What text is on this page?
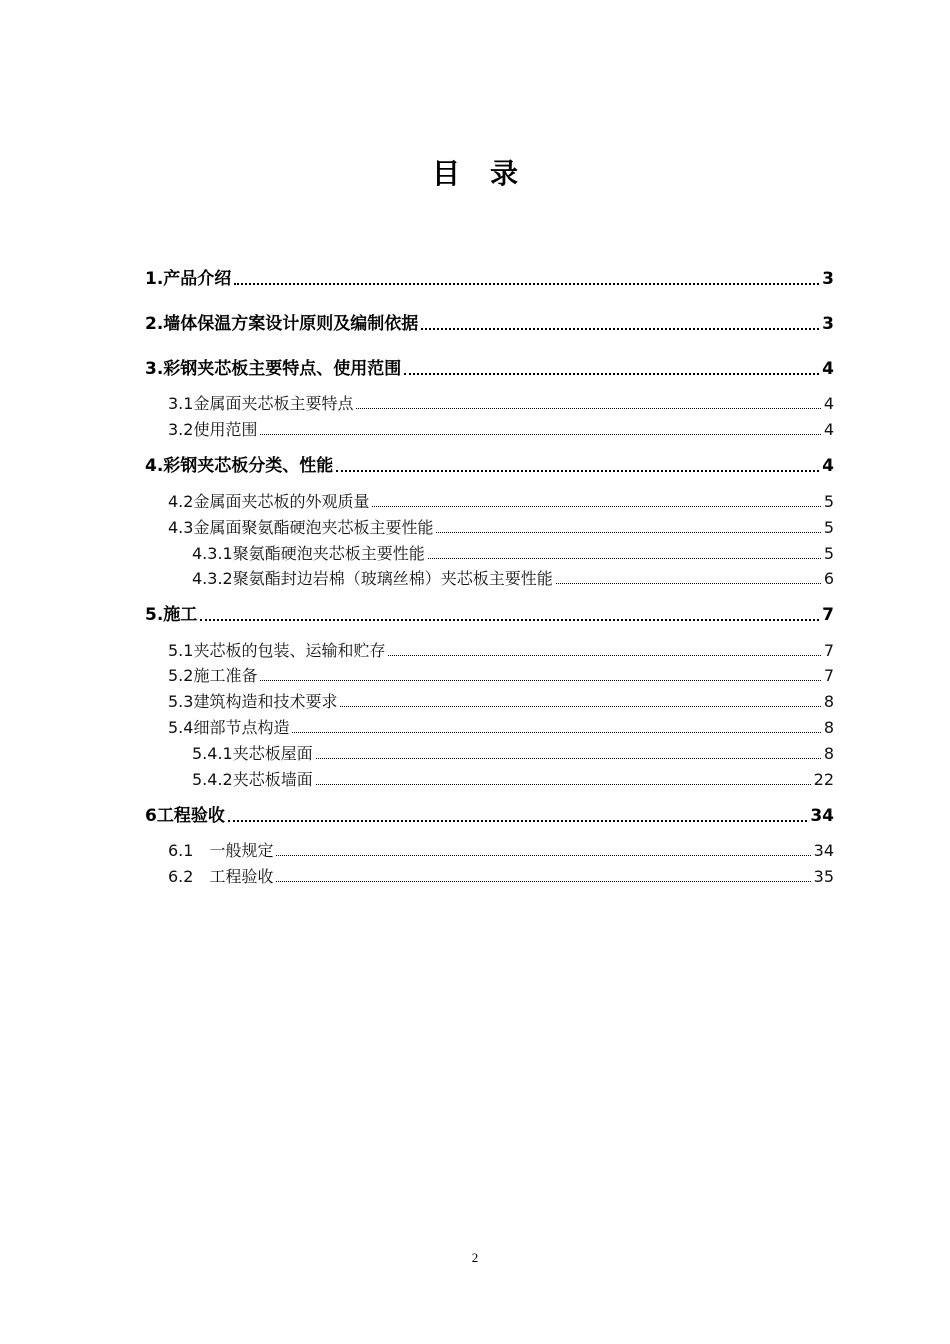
目 录
1.产品介绍	3
2.墙体保温方案设计原则及编制依据	3
3.彩钢夹芯板主要特点、使用范围	4
3.1金属面夹芯板主要特点	4
3.2使用范围	4
4.彩钢夹芯板分类、性能	4
4.2金属面夹芯板的外观质量	5
4.3金属面聚氨酯硬泡夹芯板主要性能	5
4.3.1聚氨酯硬泡夹芯板主要性能	5
4.3.2聚氨酯封边岩棉（玻璃丝棉）夹芯板主要性能	6
5.施工	7
5.1夹芯板的包装、运输和贮存	7
5.2施工准备	7
5.3建筑构造和技术要求	8
5.4细部节点构造	8
5.4.1夹芯板屋面	8
5.4.2夹芯板墙面	22
6工程验收	34
6.1　一般规定	34
6.2　工程验收	35
2
